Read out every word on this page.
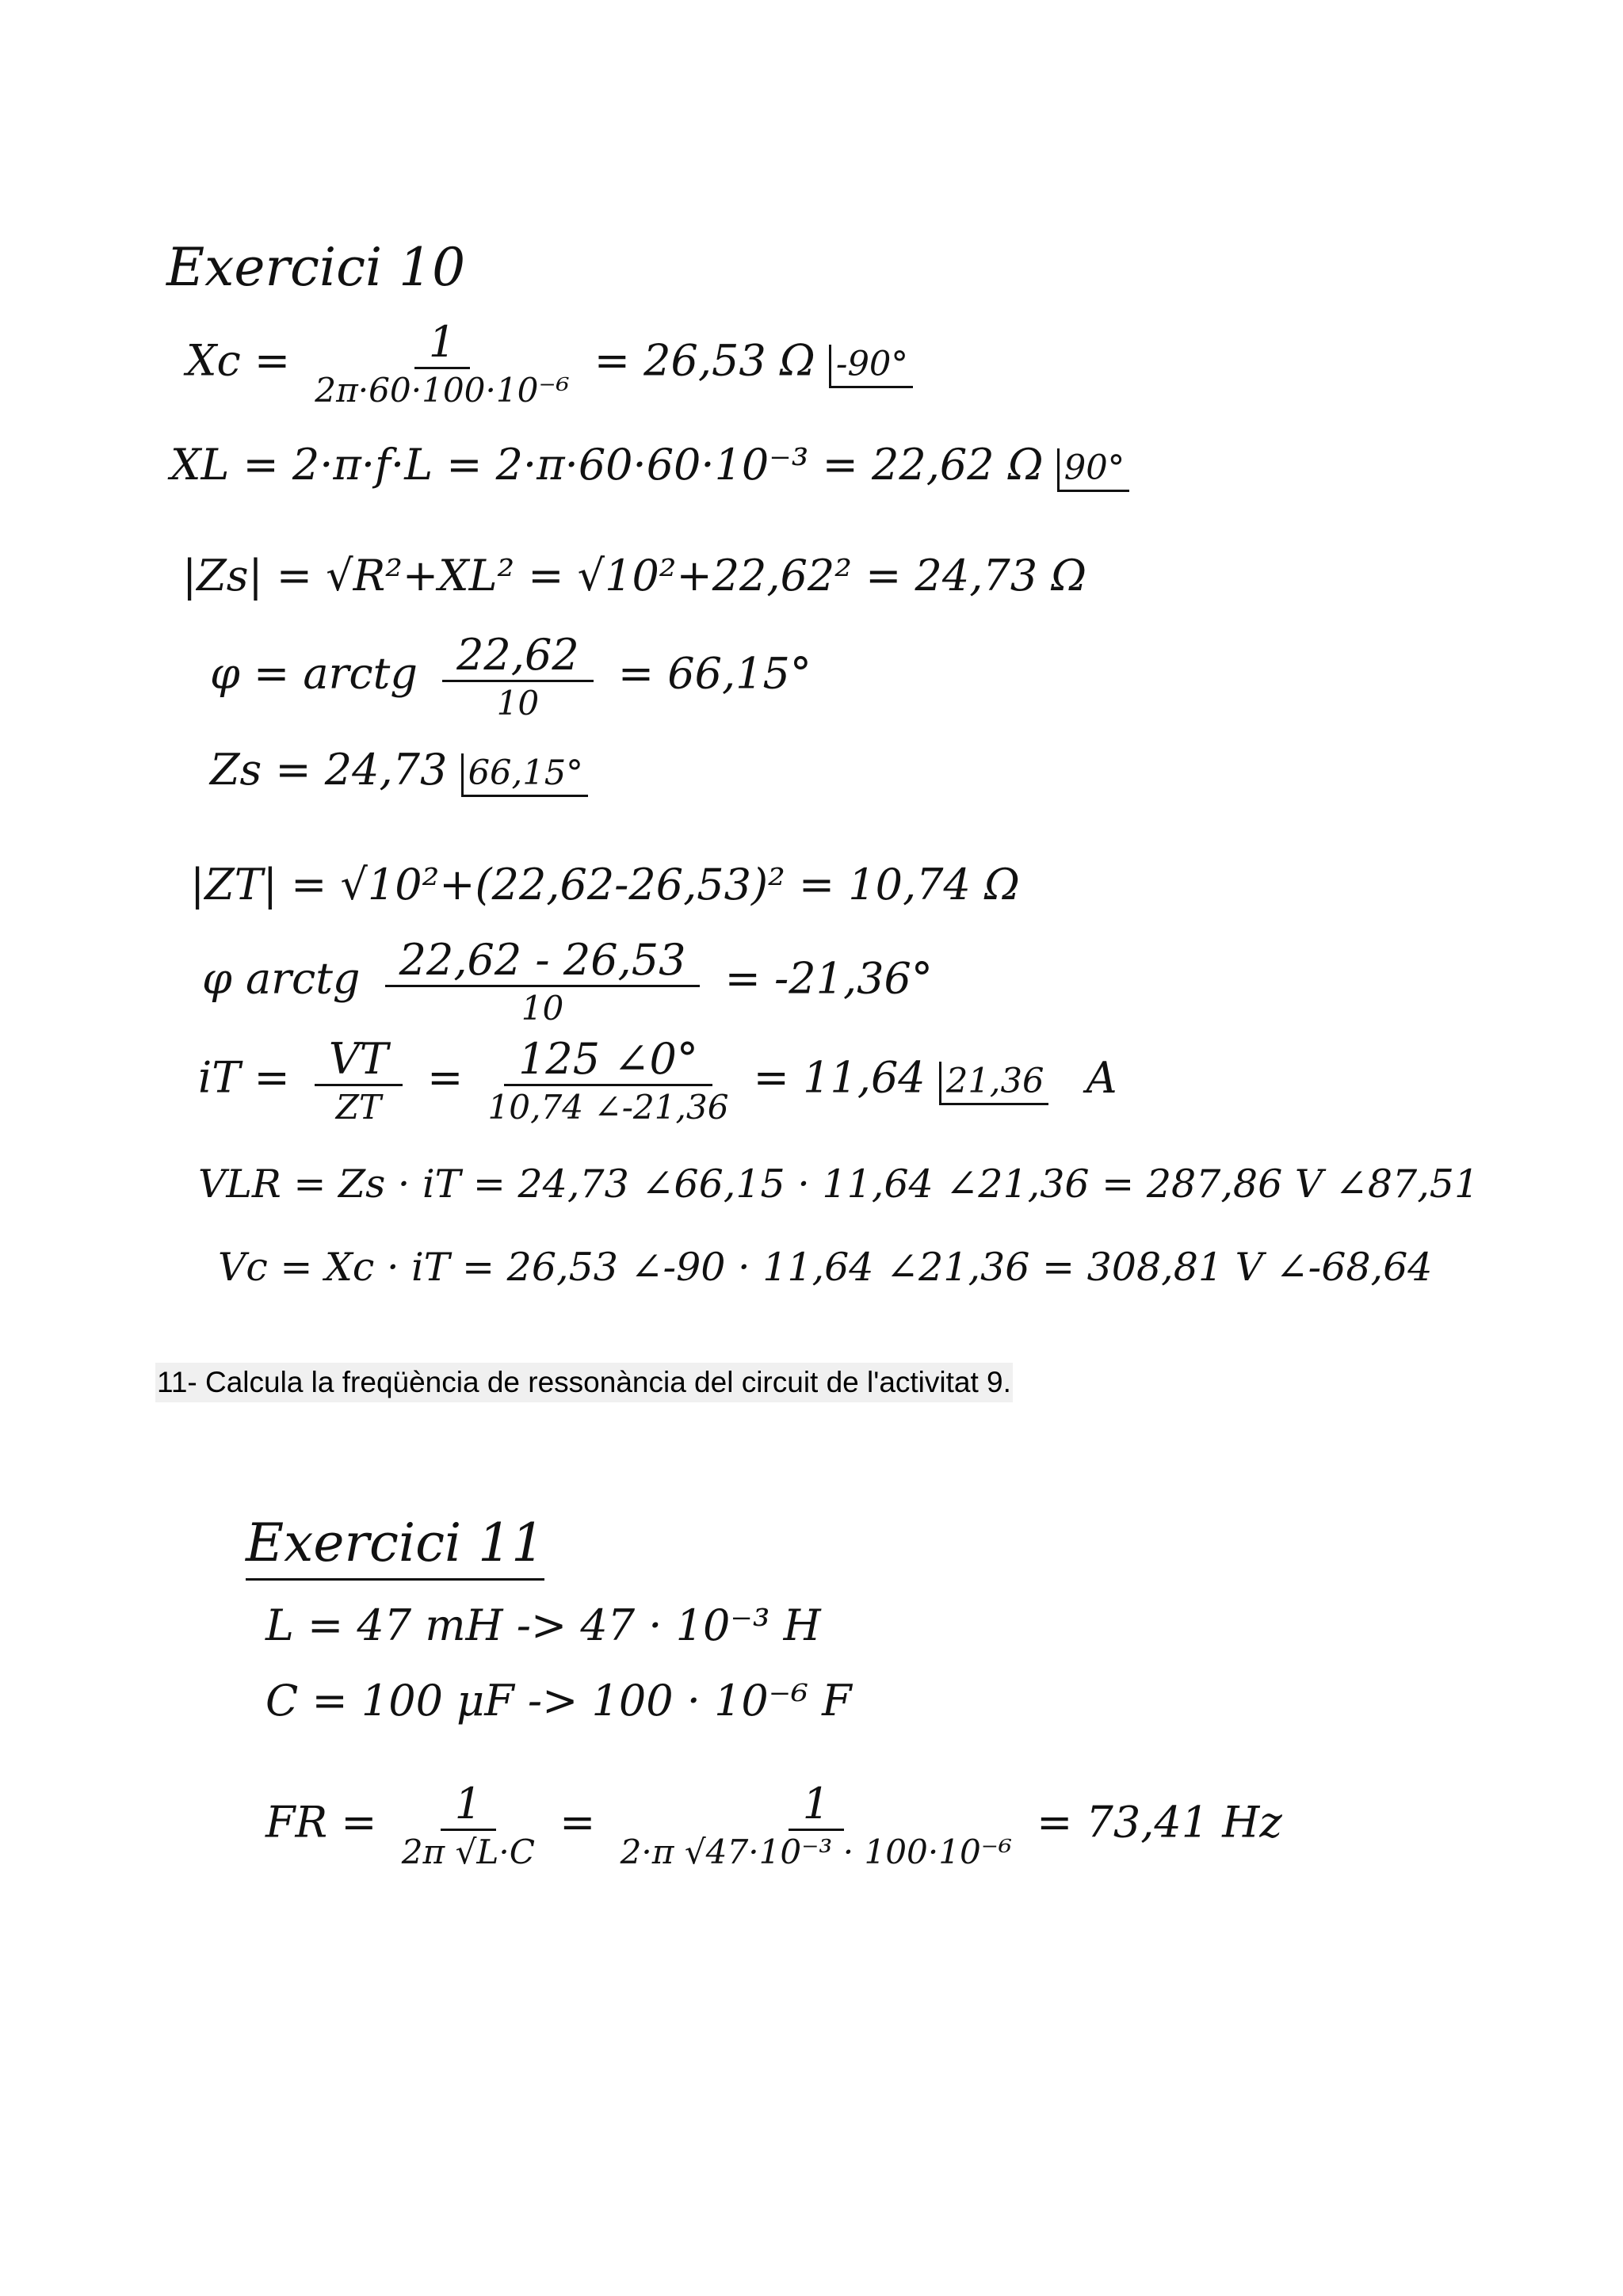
Exercici 10
$Xc = \frac{1}{\text{2π·60·100·10⁻⁶}} = 26,53$ Ω -90°
XL = 2·π·f·L = 2·π·60·60·10⁻³ = 22,62 Ω 90°
|Zs| = √R²+XL² = √10²+22,62² = 24,73 Ω
φ = arctg $\frac{22,62}{10} = 66,15^\circ$
Zs = 24,73 66,15°
|ZT| = √10²+(22,62-26,53)² = 10,74 Ω
φ arctg $\frac{22,62 - 26,53}{10} = -21,36^\circ$
iT = $\frac{VT}{ZT} = \frac{125 \angle 0^\circ}{10,74 \angle-21,36} = 11,64$ 21,36 A
VLR = Zs · iT = 24,73 ∠66,15 · 11,64 ∠21,36 = 287,86 V ∠87,51
Vc = Xc · iT = 26,53 ∠-90 · 11,64 ∠21,36 = 308,81 V ∠-68,64
11- Calcula la freqüència de ressonància del circuit de l'activitat 9.
Exercici 11
L = 47 mH -> 47 · 10⁻³ H
C = 100 μF -> 100 · 10⁻⁶ F
FR = $\frac{1}{2\pi √L\cdot C} = \frac{1}{\text{2·π √47·10⁻³ · 100·10⁻⁶}} = 73,41$ Hz
